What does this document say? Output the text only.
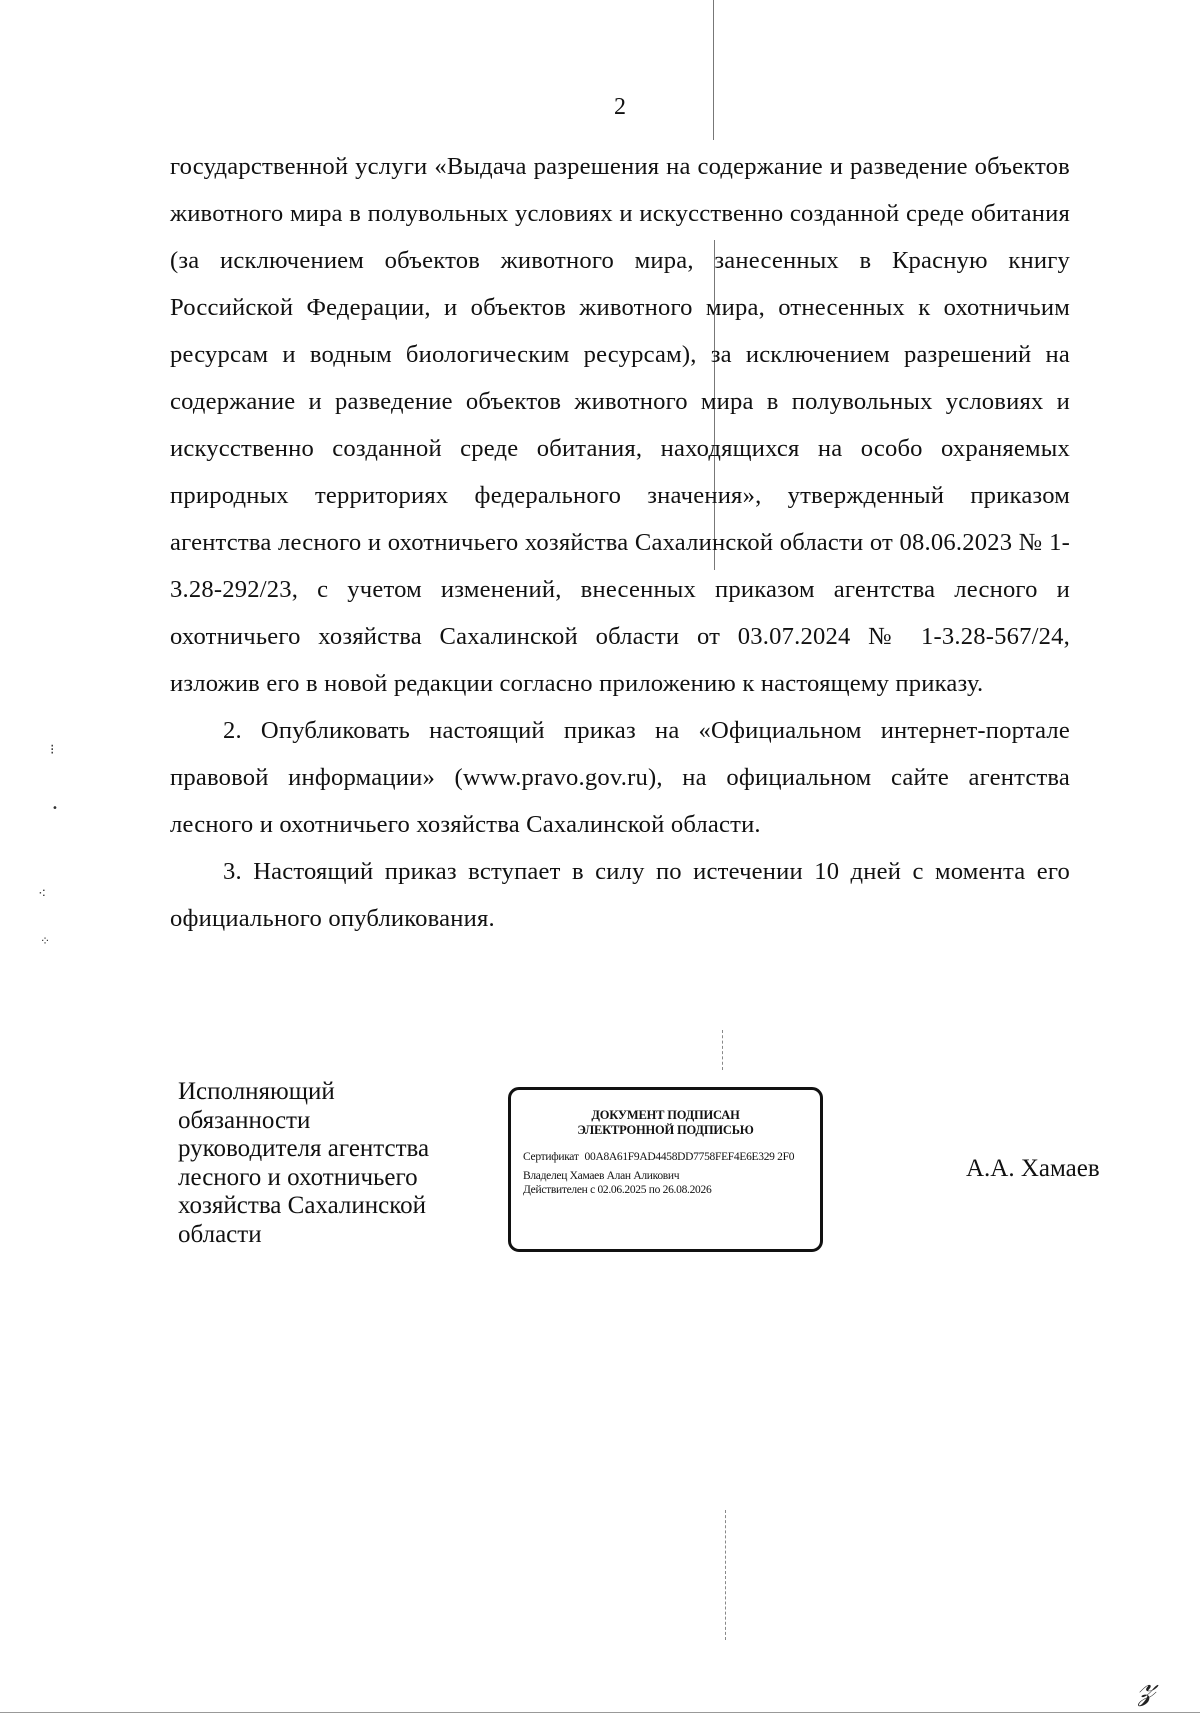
⁝
•
⁖
⁘
2

государственной услуги «Выдача разрешения на содержание и разведение объектов животного мира в полувольных условиях и искусственно созданной среде обитания (за исключением объектов животного мира, занесенных в Красную книгу Российской Федерации, и объектов животного мира, отнесенных к охотничьим ресурсам и водным биологическим ресурсам), за исключением разрешений на содержание и разведение объектов животного мира в полувольных условиях и искусственно созданной среде обитания, находящихся на особо охраняемых природных территориях федерального значения», утвержденный приказом агентства лесного и охотничьего хозяйства Сахалинской области от 08.06.2023 № 1-3.28-292/23, с учетом изменений, внесенных приказом агентства лесного и охотничьего хозяйства Сахалинской области от 03.07.2024 № 1-3.28-567/24, изложив его в новой редакции согласно приложению к настоящему приказу.

2. Опубликовать настоящий приказ на «Официальном интернет-портале правовой информации» (www.pravo.gov.ru), на официальном сайте агентства лесного и охотничьего хозяйства Сахалинской области.

3. Настоящий приказ вступает в силу по истечении 10 дней с момента его официального опубликования.

Исполняющий
обязанности
руководителя агентства
лесного и охотничьего
хозяйства Сахалинской
области
ДОКУМЕНТ ПОДПИСАН
ЭЛЕКТРОННОЙ ПОДПИСЬЮ
Сертификат 00A8A61F9AD4458DD7758FEF4E6E329 2F0
Владелец Хамаев Алан Аликович
Действителен с 02.06.2025 по 26.08.2026
А.А. Хамаев
𝓏
